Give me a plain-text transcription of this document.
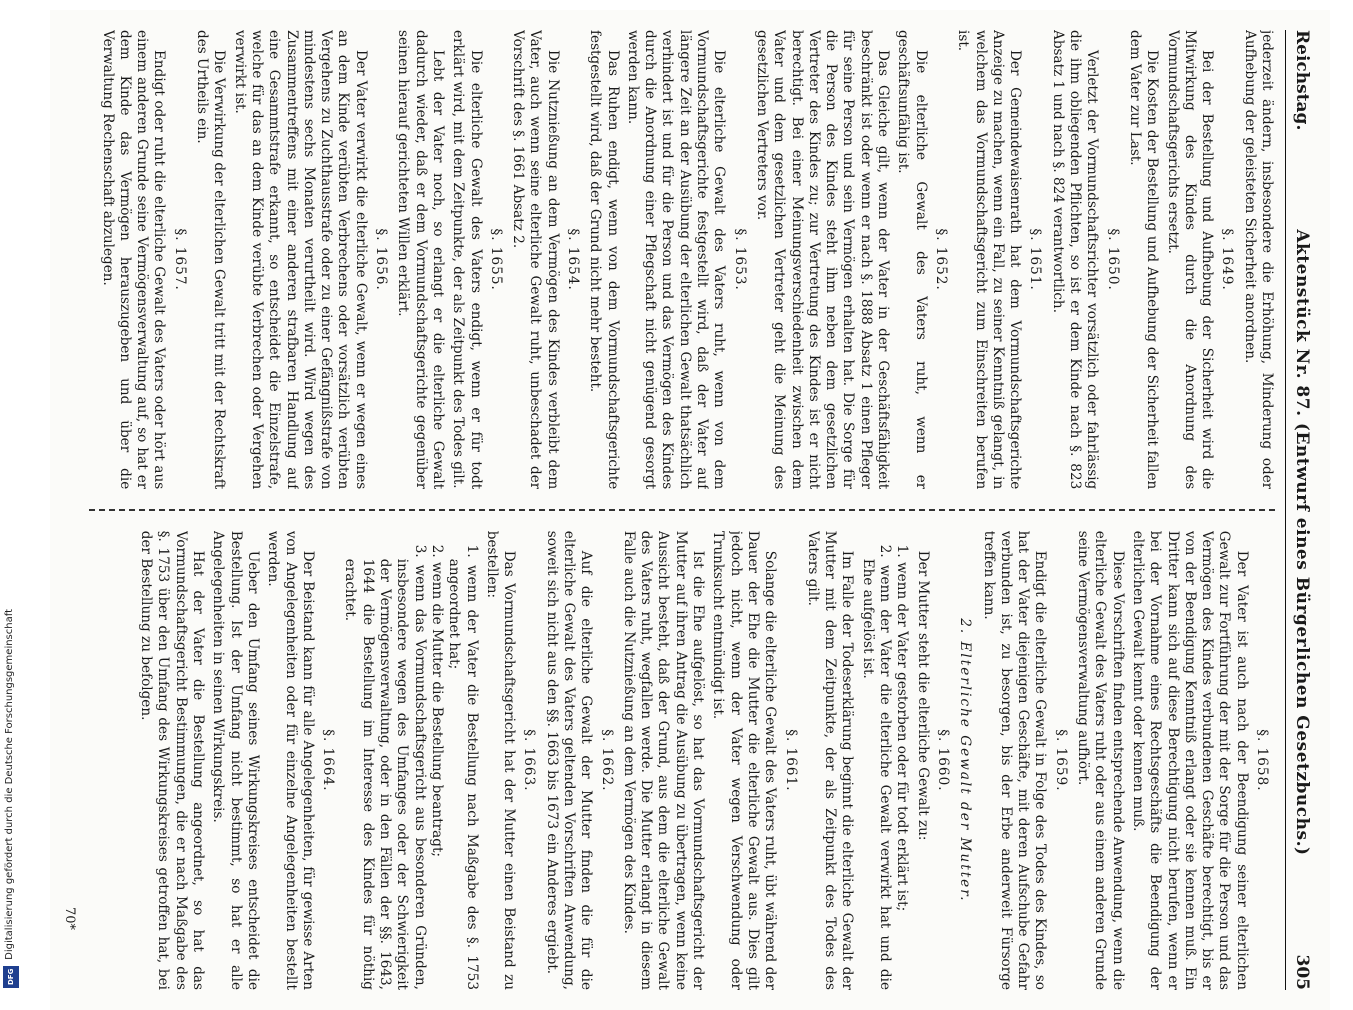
Digitalisierung gefördert durch die Deutsche Forschungsgemeinschaft
DFG
Reichstag.
Aktenstück Nr. 87. (Entwurf eines Bürgerlichen Gesetzbuchs.)
305

jederzeit ändern, insbesondere die Erhöhung, Minderung oder Aufhebung der geleisteten Sicherheit anordnen.

§. 1649.

Bei der Bestellung und Aufhebung der Sicherheit wird die Mitwirkung des Kindes durch die Anordnung des Vormundschaftsgerichts ersetzt.

Die Kosten der Bestellung und Aufhebung der Sicherheit fallen dem Vater zur Last.

§. 1650.

Verletzt der Vormundschaftsrichter vorsätzlich oder fahrlässig die ihm obliegenden Pflichten, so ist er dem Kinde nach §. 823 Absatz 1 und nach §. 824 verantwortlich.

§. 1651.

Der Gemeindewaisenrath hat dem Vormundschaftsgerichte Anzeige zu machen, wenn ein Fall, zu seiner Kenntniß gelangt, in welchem das Vormundschaftsgericht zum Einschreiten berufen ist.

§. 1652.

Die elterliche Gewalt des Vaters ruht, wenn er geschäftsunfähig ist.

Das Gleiche gilt, wenn der Vater in der Geschäftsfähigkeit beschränkt ist oder wenn er nach §. 1888 Absatz 1 einen Pfleger für seine Person und sein Vermögen erhalten hat. Die Sorge für die Person des Kindes steht ihm neben dem gesetzlichen Vertreter des Kindes zu; zur Vertretung des Kindes ist er nicht berechtigt. Bei einer Meinungsverschiedenheit zwischen dem Vater und dem gesetzlichen Vertreter geht die Meinung des gesetzlichen Vertreters vor.

§. 1653.

Die elterliche Gewalt des Vaters ruht, wenn von dem Vormundschaftsgerichte festgestellt wird, daß der Vater auf längere Zeit an der Ausübung der elterlichen Gewalt thatsächlich verhindert ist und für die Person und das Vermögen des Kindes durch die Anordnung einer Pflegschaft nicht genügend gesorgt werden kann.

Das Ruhen endigt, wenn von dem Vormundschaftsgerichte festgestellt wird, daß der Grund nicht mehr besteht.

§. 1654.

Die Nutznießung an dem Vermögen des Kindes verbleibt dem Vater, auch wenn seine elterliche Gewalt ruht, unbeschadet der Vorschrift des §. 1661 Absatz 2.

§. 1655.

Die elterliche Gewalt des Vaters endigt, wenn er für todt erklärt wird, mit dem Zeitpunkte, der als Zeitpunkt des Todes gilt.

Lebt der Vater noch, so erlangt er die elterliche Gewalt dadurch wieder, daß er dem Vormundschaftsgerichte gegenüber seinen hierauf gerichteten Willen erklärt.

§. 1656.

Der Vater verwirkt die elterliche Gewalt, wenn er wegen eines an dem Kinde verübten Verbrechens oder vorsätzlich verübten Vergehens zu Zuchthausstrafe oder zu einer Gefängnißstrafe von mindestens sechs Monaten verurtheilt wird. Wird wegen des Zusammentreffens mit einer anderen strafbaren Handlung auf eine Gesammtstrafe erkannt, so entscheidet die Einzelstrafe, welche für das an dem Kinde verübte Verbrechen oder Vergehen verwirkt ist.

Die Verwirkung der elterlichen Gewalt tritt mit der Rechtskraft des Urtheils ein.

§. 1657.

Endigt oder ruht die elterliche Gewalt des Vaters oder hört aus einem anderen Grunde seine Vermögensverwaltung auf, so hat er dem Kinde das Vermögen herauszugeben und über die Verwaltung Rechenschaft abzulegen.

§. 1658.

Der Vater ist auch nach der Beendigung seiner elterlichen Gewalt zur Fortführung der mit der Sorge für die Person und das Vermögen des Kindes verbundenen Geschäfte berechtigt, bis er von der Beendigung Kenntniß erlangt oder sie kennen muß. Ein Dritter kann sich auf diese Berechtigung nicht berufen, wenn er bei der Vornahme eines Rechtsgeschäfts die Beendigung der elterlichen Gewalt kennt oder kennen muß.

Diese Vorschriften finden entsprechende Anwendung, wenn die elterliche Gewalt des Vaters ruht oder aus einem anderen Grunde seine Vermögensverwaltung aufhört.

§. 1659.

Endigt die elterliche Gewalt in Folge des Todes des Kindes, so hat der Vater diejenigen Geschäfte, mit deren Aufschube Gefahr verbunden ist, zu besorgen, bis der Erbe anderweit Fürsorge treffen kann.

2. Elterliche Gewalt der Mutter.
§. 1660.

Der Mutter steht die elterliche Gewalt zu:

1. wenn der Vater gestorben oder für todt erklärt ist;
2. wenn der Vater die elterliche Gewalt verwirkt hat und die Ehe aufgelöst ist.

Im Falle der Todeserklärung beginnt die elterliche Gewalt der Mutter mit dem Zeitpunkte, der als Zeitpunkt des Todes des Vaters gilt.

§. 1661.

Solange die elterliche Gewalt des Vaters ruht, übt während der Dauer der Ehe die Mutter die elterliche Gewalt aus. Dies gilt jedoch nicht, wenn der Vater wegen Verschwendung oder Trunksucht entmündigt ist.

Ist die Ehe aufgelöst, so hat das Vormundschaftsgericht der Mutter auf ihren Antrag die Ausübung zu übertragen, wenn keine Aussicht besteht, daß der Grund, aus dem die elterliche Gewalt des Vaters ruht, wegfallen werde. Die Mutter erlangt in diesem Falle auch die Nutznießung an dem Vermögen des Kindes.

§. 1662.

Auf die elterliche Gewalt der Mutter finden die für die elterliche Gewalt des Vaters geltenden Vorschriften Anwendung, soweit sich nicht aus den §§. 1663 bis 1673 ein Anderes ergiebt.

§. 1663.

Das Vormundschaftsgericht hat der Mutter einen Beistand zu bestellen:

1. wenn der Vater die Bestellung nach Maßgabe des §. 1753 angeordnet hat;
2. wenn die Mutter die Bestellung beantragt;
3. wenn das Vormundschaftsgericht aus besonderen Gründen, insbesondere wegen des Umfanges oder der Schwierigkeit der Vermögensverwaltung, oder in den Fällen der §§. 1643, 1644 die Bestellung im Interesse des Kindes für nöthig erachtet.
§. 1664.

Der Beistand kann für alle Angelegenheiten, für gewisse Arten von Angelegenheiten oder für einzelne Angelegenheiten bestellt werden.

Ueber den Umfang seines Wirkungskreises entscheidet die Bestellung. Ist der Umfang nicht bestimmt, so hat er alle Angelegenheiten in seinen Wirkungskreis.

Hat der Vater die Bestellung angeordnet, so hat das Vormundschaftsgericht Bestimmungen, die er nach Maßgabe des §. 1753 über den Umfang des Wirkungskreises getroffen hat, bei der Bestellung zu befolgen.

70*
